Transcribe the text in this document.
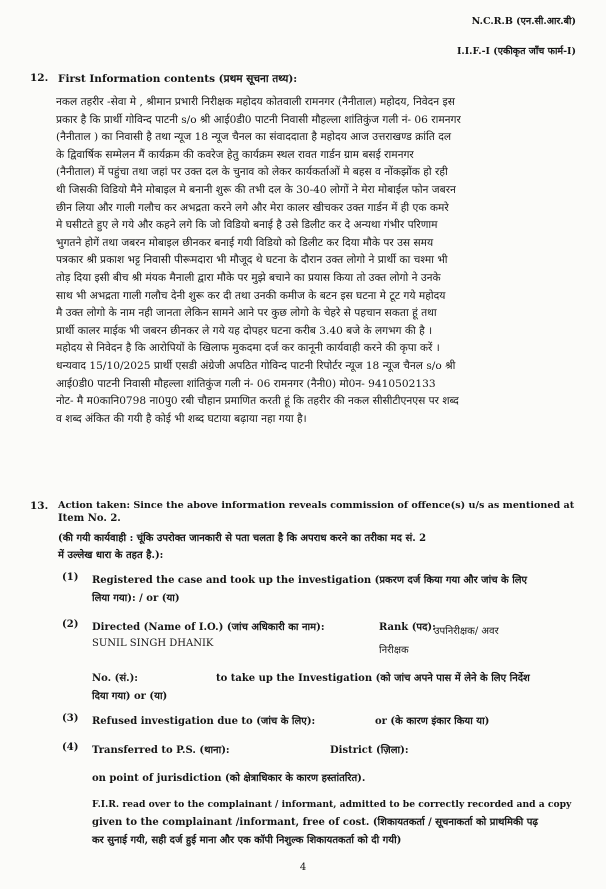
N.C.R.B (एन.सी.आर.बी)
I.I.F.-I (एकीकृत जाँच फार्म-I)
12. First Information contents (प्रथम सूचना तथ्य):
नकल तहरीर -सेवा मे , श्रीमान प्रभारी निरीक्षक महोदय कोतवाली रामनगर (नैनीताल) महोदय, निवेदन इस
प्रकार है कि प्रार्थी गोविन्द पाटनी s/o श्री आई0डी0 पाटनी निवासी मौहल्ला शांतिकुंज गली नं- 06 रामनगर
(नैनीताल ) का निवासी है तथा न्यूज 18 न्यूज चैनल का संवाददाता है महोदय आज उत्तराखण्ड क्रांति दल
के द्विवार्षिक सम्मेलन मैं कार्यक्रम की कवरेज हेतु कार्यक्रम स्थल रावत गार्डन ग्राम बसई रामनगर
(नैनीताल) में पहुंचा तथा जहां पर उक्त दल के चुनाव को लेकर कार्यकर्ताओं मे बहस व नोंकझोंक हो रही
थी जिसकी विडियो मैने मोबाइल मे बनानी शुरू की तभी दल के 30-40 लोगों ने मेरा मोबाईल फोन जबरन
छीन लिया और गाली गलौच कर अभद्रता करने लगे और मेरा कालर खीचकर उक्त गार्डन में ही एक कमरे
मे घसीटते हुए ले गये और कहने लगे कि जो विडियो बनाई है उसे डिलीट कर दे अन्यथा गंभीर परिणाम
भुगतने होगें तथा जबरन मोबाइल छीनकर बनाई गयी विडियो को डिलीट कर दिया मौके पर उस समय
पत्रकार श्री प्रकाश भट्ट निवासी पीरूमदारा भी मौजूद थे घटना के दौरान उक्त लोगो ने प्रार्थी का चश्मा भी
तोड़ दिया इसी बीच श्री मंयक मैनाली द्वारा मौके पर मुझे बचाने का प्रयास किया तो उक्त लोगो ने उनके
साथ भी अभद्रता गाली गलौच देनी शुरू कर दी तथा उनकी कमीज के बटन इस घटना मे टूट गये महोदय
मै उक्त लोगो के नाम नही जानता लेकिन सामने आने पर कुछ लोगो के चेहरे से पहचान सकता हूं तथा
प्रार्थी कालर माईक भी जबरन छीनकर ले गये यह दोपहर घटना करीब 3.40 बजे के लगभग की है ।
महोदय से निवेदन है कि आरोपियों के खिलाफ मुकदमा दर्ज कर कानूनी कार्यवाही करने की कृपा करें ।
धन्यवाद 15/10/2025 प्रार्थी एसडी अंग्रेजी अपठित गोविन्द पाटनी रिपोर्टर न्यूज 18 न्यूज चैनल s/o श्री
आई0डी0 पाटनी निवासी मौहल्ला शांतिकुंज गली नं- 06 रामनगर (नैनी0) मो0न- 9410502133
नोट- मै म0कानि0798 ना0पु0 रबी चौहान प्रमाणित करती हूं कि तहरीर की नकल सीसीटीएनएस पर शब्द
व शब्द अंकित की गयी है कोई भी शब्द घटाया बढ़ाया नहा गया है।
13. Action taken: Since the above information reveals commission of offence(s) u/s as mentioned at
Item No. 2.
(की गयी कार्यवाही : चूंकि उपरोक्त जानकारी से पता चलता है कि अपराध करने का तरीका मद सं. 2
में उल्लेख धारा के तहत है.):
(1) Registered the case and took up the investigation (प्रकरण दर्ज किया गया और जांच के लिए
लिया गया): / or (या)
(2) Directed (Name of I.O.) (जांच अधिकारी का नाम):
SUNIL SINGH DHANIK
Rank (पद):
उपनिरीक्षक/ अवर
निरीक्षक
No. (सं.):	to take up the Investigation (को जांच अपने पास में लेने के लिए निर्देश
दिया गया) or (या)
(3) Refused investigation due to (जांच के लिए):	or (के कारण इंकार किया या)
(4) Transferred to P.S. (थाना):	District (ज़िला):
on point of jurisdiction (को क्षेत्राधिकार के कारण हस्तांतरित).
F.I.R. read over to the complainant / informant, admitted to be correctly recorded and a copy
given to the complainant /informant, free of cost. (शिकायतकर्ता / सूचनाकर्ता को प्राथमिकी पढ़
कर सुनाई गयी, सही दर्ज हुई माना और एक कॉपी निशुल्क शिकायतकर्ता को दी गयी)
4
